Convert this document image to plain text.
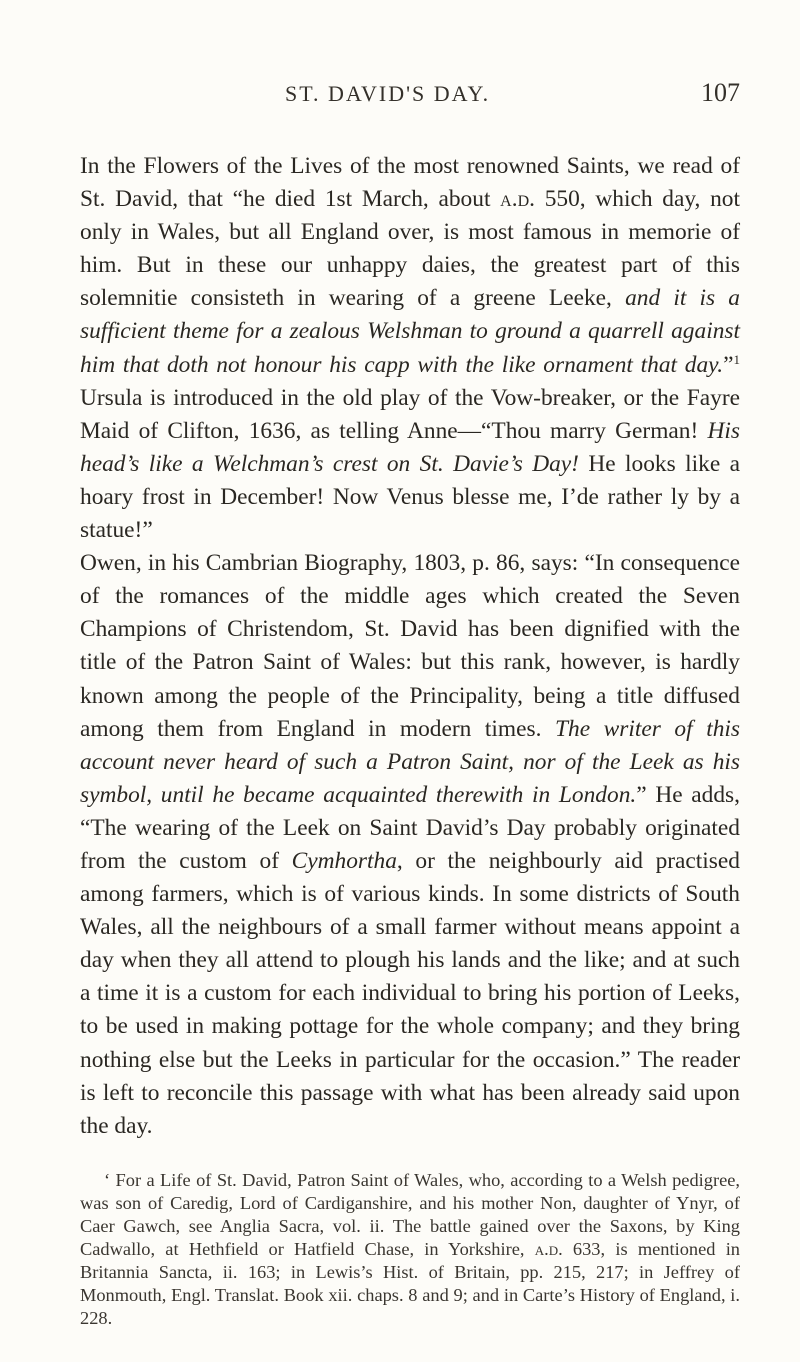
ST. DAVID'S DAY.	107

In the Flowers of the Lives of the most renowned Saints, we read of St. David, that “he died 1st March, about a.d. 550, which day, not only in Wales, but all England over, is most famous in memorie of him. But in these our unhappy daies, the greatest part of this solemnitie consisteth in wearing of a greene Leeke, and it is a sufficient theme for a zealous Welshman to ground a quarrell against him that doth not honour his capp with the like ornament that day.”$^1$ Ursula is introduced in the old play of the Vow-breaker, or the Fayre Maid of Clifton, 1636, as telling Anne—“Thou marry German! His head’s like a Welchman’s crest on St. Davie’s Day! He looks like a hoary frost in December! Now Venus blesse me, I’de rather ly by a statue!”

Owen, in his Cambrian Biography, 1803, p. 86, says: “In consequence of the romances of the middle ages which created the Seven Champions of Christendom, St. David has been dignified with the title of the Patron Saint of Wales: but this rank, however, is hardly known among the people of the Principality, being a title diffused among them from England in modern times. The writer of this account never heard of such a Patron Saint, nor of the Leek as his symbol, until he became acquainted therewith in London.” He adds, “The wearing of the Leek on Saint David’s Day probably originated from the custom of Cymhortha, or the neighbourly aid practised among farmers, which is of various kinds. In some districts of South Wales, all the neighbours of a small farmer without means appoint a day when they all attend to plough his lands and the like; and at such a time it is a custom for each individual to bring his portion of Leeks, to be used in making pottage for the whole company; and they bring nothing else but the Leeks in particular for the occasion.” The reader is left to reconcile this passage with what has been already said upon the day.

‘ For a Life of St. David, Patron Saint of Wales, who, according to a Welsh pedigree, was son of Caredig, Lord of Cardiganshire, and his mother Non, daughter of Ynyr, of Caer Gawch, see Anglia Sacra, vol. ii. The battle gained over the Saxons, by King Cadwallo, at Hethfield or Hatfield Chase, in Yorkshire, a.d. 633, is mentioned in Britannia Sancta, ii. 163; in Lewis’s Hist. of Britain, pp. 215, 217; in Jeffrey of Monmouth, Engl. Translat. Book xii. chaps. 8 and 9; and in Carte’s History of England, i. 228.
